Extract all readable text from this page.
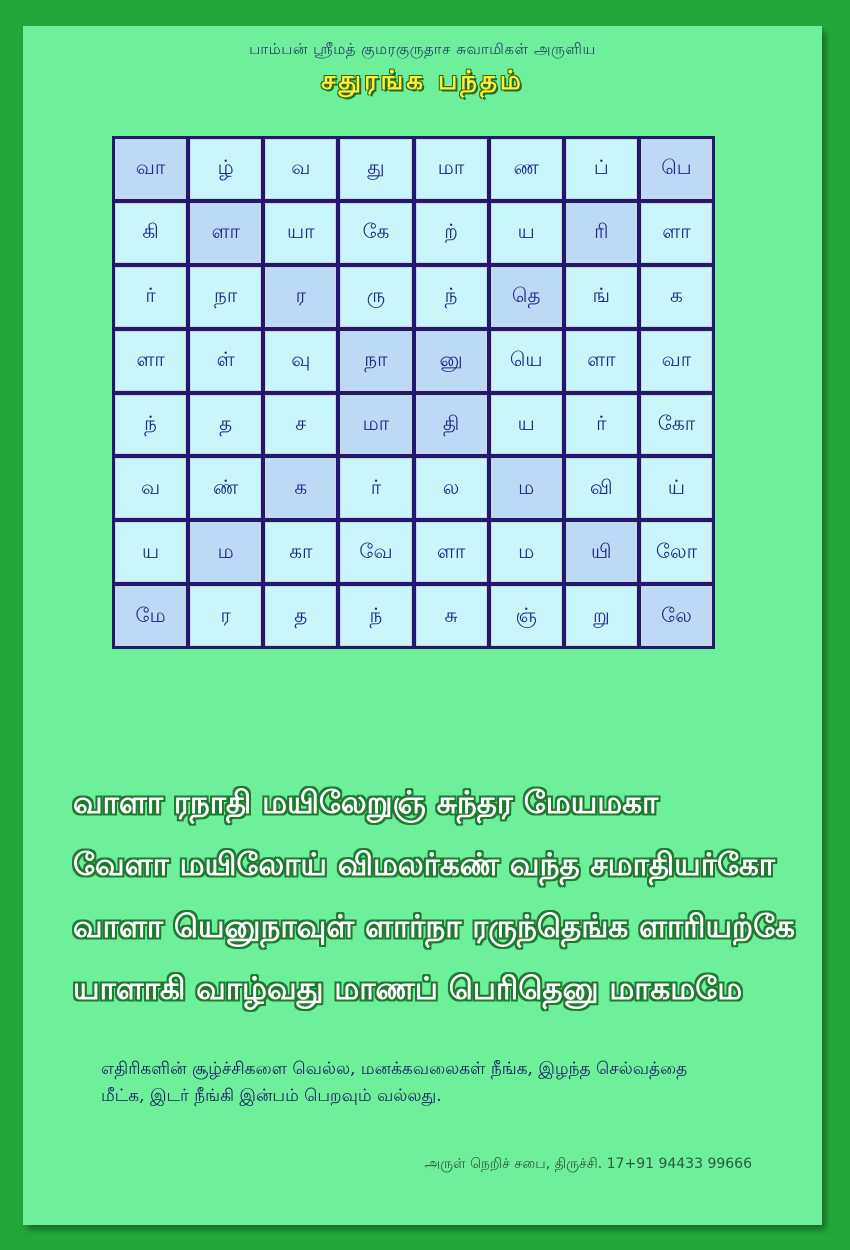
பாம்பன் ஸ்ரீமத் குமரகுருதாச சுவாமிகள் அருளிய
சதுரங்க பந்தம்
வா	ழ்	வ	து	மா	ண	ப்	பெ
கி	ளா	யா	கே	ற்	ய	ரி	ளா
ர்	நா	ர	ரு	ந்	தெ	ங்	க
ளா	ள்	வு	நா	னு	யெ	ளா	வா
ந்	த	ச	மா	தி	ய	ர்	கோ
வ	ண்	க	ர்	ல	ம	வி	ய்
ய	ம	கா	வே	ளா	ம	யி	லோ
மே	ர	த	ந்	சு	ஞ்	று	லே
வாளா ரநாதி மயிலேறுஞ் சுந்தர மேயமகா
வேளா மயிலோய் விமலர்கண் வந்த சமாதியர்கோ
வாளா யெனுநாவுள் ளார்நா ரருந்தெங்க ளாரியற்கே
யாளாகி வாழ்வது மாணப் பெரிதெனு மாகமமே
எதிரிகளின் சூழ்ச்சிகளை வெல்ல, மனக்கவலைகள் நீங்க, இழந்த செல்வத்தை மீட்க, இடர் நீங்கி இன்பம் பெறவும் வல்லது.
அருள் நெறிச் சபை, திருச்சி. 17+91 94433 99666
